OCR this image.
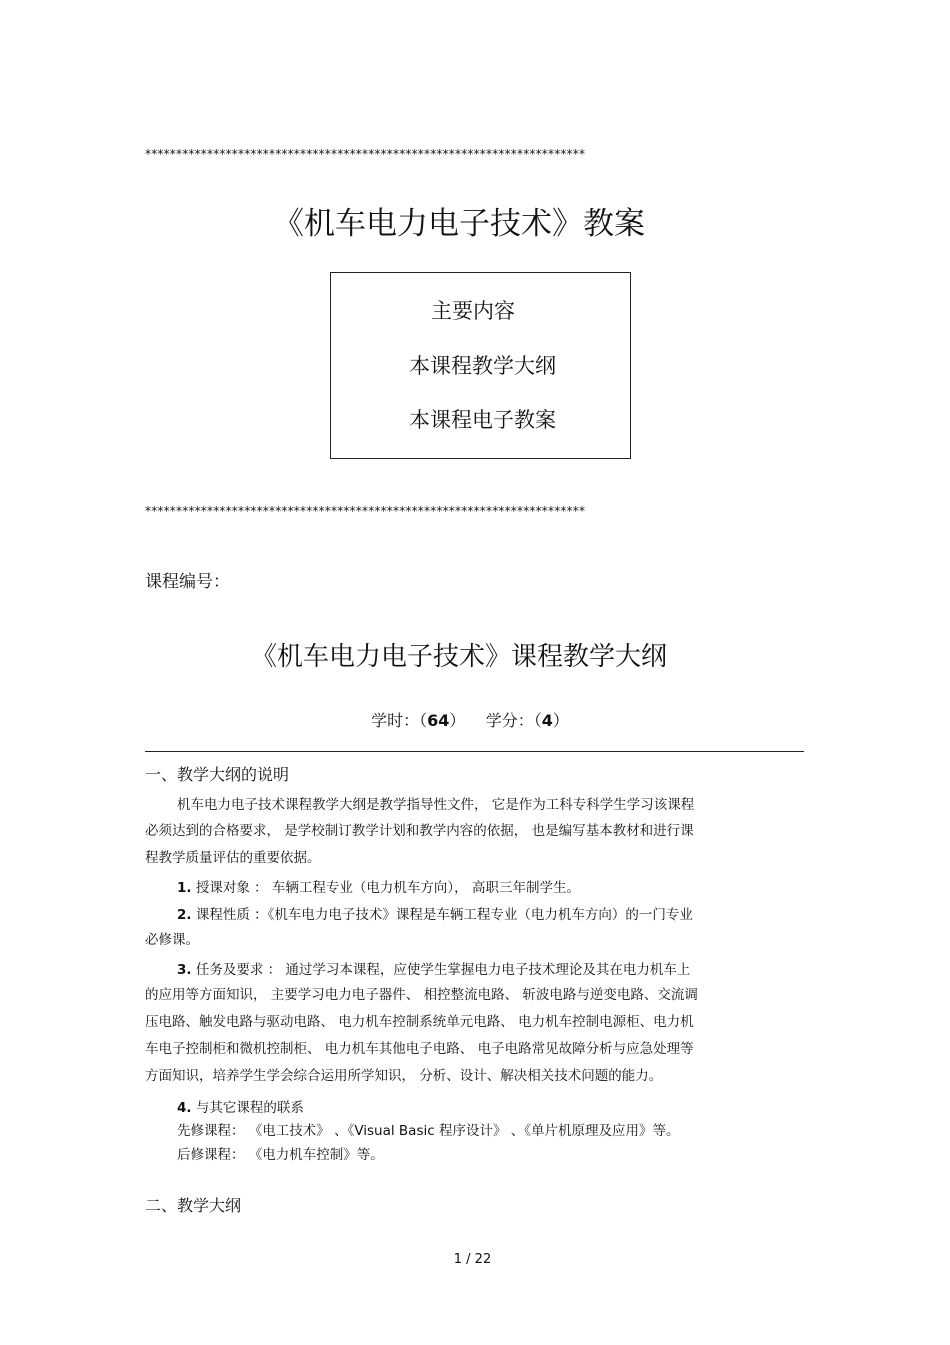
***********************************************************************
《机车电力电子技术》教案
主要内容
本课程教学大纲
本课程电子教案
***********************************************************************
课程编号：
《机车电力电子技术》课程教学大纲
学时：（64） 学分：（4）
一、教学大纲的说明
机车电力电子技术课程教学大纲是教学指导性文件， 它是作为工科专科学生学习该课程
必须达到的合格要求， 是学校制订教学计划和教学内容的依据， 也是编写基本教材和进行课
程教学质量评估的重要依据。
1. 授课对象 ： 车辆工程专业（电力机车方向）， 高职三年制学生。
2. 课程性质 ：《机车电力电子技术》课程是车辆工程专业（电力机车方向）的一门专业
必修课。
3. 任务及要求 ： 通过学习本课程，应使学生掌握电力电子技术理论及其在电力机车上
的应用等方面知识， 主要学习电力电子器件、 相控整流电路、 斩波电路与逆变电路、交流调
压电路、触发电路与驱动电路、 电力机车控制系统单元电路、 电力机车控制电源柜、电力机
车电子控制柜和微机控制柜、 电力机车其他电子电路、 电子电路常见故障分析与应急处理等
方面知识，培养学生学会综合运用所学知识， 分析、设计、解决相关技术问题的能力。
4. 与其它课程的联系
先修课程： 《电工技术》 、《Visual Basic 程序设计》 、《单片机原理及应用》等。
后修课程： 《电力机车控制》等。
二、教学大纲
1 / 22
